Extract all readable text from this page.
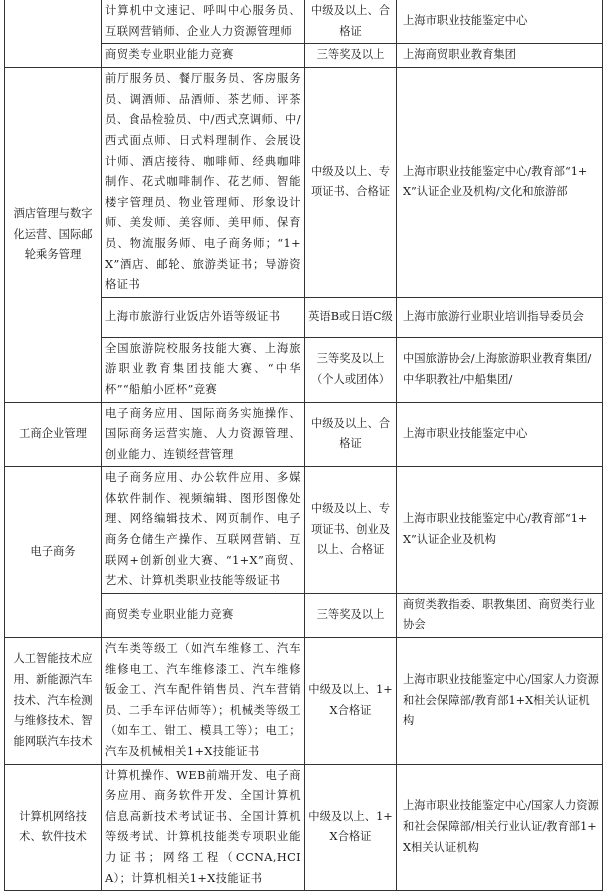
	计算机中文速记、呼叫中心服务员、互联网营销师、企业人力资源管理师	中级及以上、合格证	上海市职业技能鉴定中心
	商贸类专业职业能力竞赛	三等奖及以上	上海商贸职业教育集团
酒店管理与数字化运营、国际邮轮乘务管理	前厅服务员、餐厅服务员、客房服务员、调酒师、品酒师、茶艺师、评茶员、食品检验员、中/西式烹调师、中/西式面点师、日式料理制作、会展设计师、酒店接待、咖啡师、经典咖啡制作、花式咖啡制作、花艺师、智能楼宇管理员、物业管理师、形象设计师、美发师、美容师、美甲师、保育员、物流服务师、电子商务师；“1+X”酒店、邮轮、旅游类证书；导游资格证书	中级及以上、专项证书、合格证	上海市职业技能鉴定中心/教育部“1+X”认证企业及机构/文化和旅游部
	上海市旅游行业饭店外语等级证书	英语B或日语C级	上海市旅游行业职业培训指导委员会
	全国旅游院校服务技能大赛、上海旅游职业教育集团技能大赛、“中华杯”“船舶小匠杯”竞赛	三等奖及以上（个人或团体）	中国旅游协会/上海旅游职业教育集团/中华职教社/中船集团/
工商企业管理	电子商务应用、国际商务实施操作、国际商务运营实施、人力资源管理、创业能力、连锁经营管理	中级及以上、合格证	上海市职业技能鉴定中心
电子商务	电子商务应用、办公软件应用、多媒体软件制作、视频编辑、图形图像处理、网络编辑技术、网页制作、电子商务仓储生产操作、互联网营销、互联网+创新创业大赛、“1+X”商贸、艺术、计算机类职业技能等级证书	中级及以上、专项证书、创业及以上、合格证	上海市职业技能鉴定中心/教育部“1+X”认证企业及机构
	商贸类专业职业能力竞赛	三等奖及以上	商贸类教指委、职教集团、商贸类行业协会
人工智能技术应用、新能源汽车技术、汽车检测与维修技术、智能网联汽车技术	汽车类等级工（如汽车维修工、汽车维修电工、汽车维修漆工、汽车维修钣金工、汽车配件销售员、汽车营销员、二手车评估师等）；机械类等级工（如车工、钳工、模具工等）；电工；汽车及机械相关1+X技能证书	中级及以上、1+X合格证	上海市职业技能鉴定中心/国家人力资源和社会保障部/教育部1+X相关认证机构
计算机网络技术、软件技术	计算机操作、WEB前端开发、电子商务应用、商务软件开发、全国计算机信息高新技术考试证书、全国计算机等级考试、计算机技能类专项职业能力证书；网络工程（CCNA,HCIA）；计算机相关1+X技能证书	中级及以上、1+X合格证	上海市职业技能鉴定中心/国家人力资源和社会保障部/相关行业认证/教育部1+X相关认证机构
